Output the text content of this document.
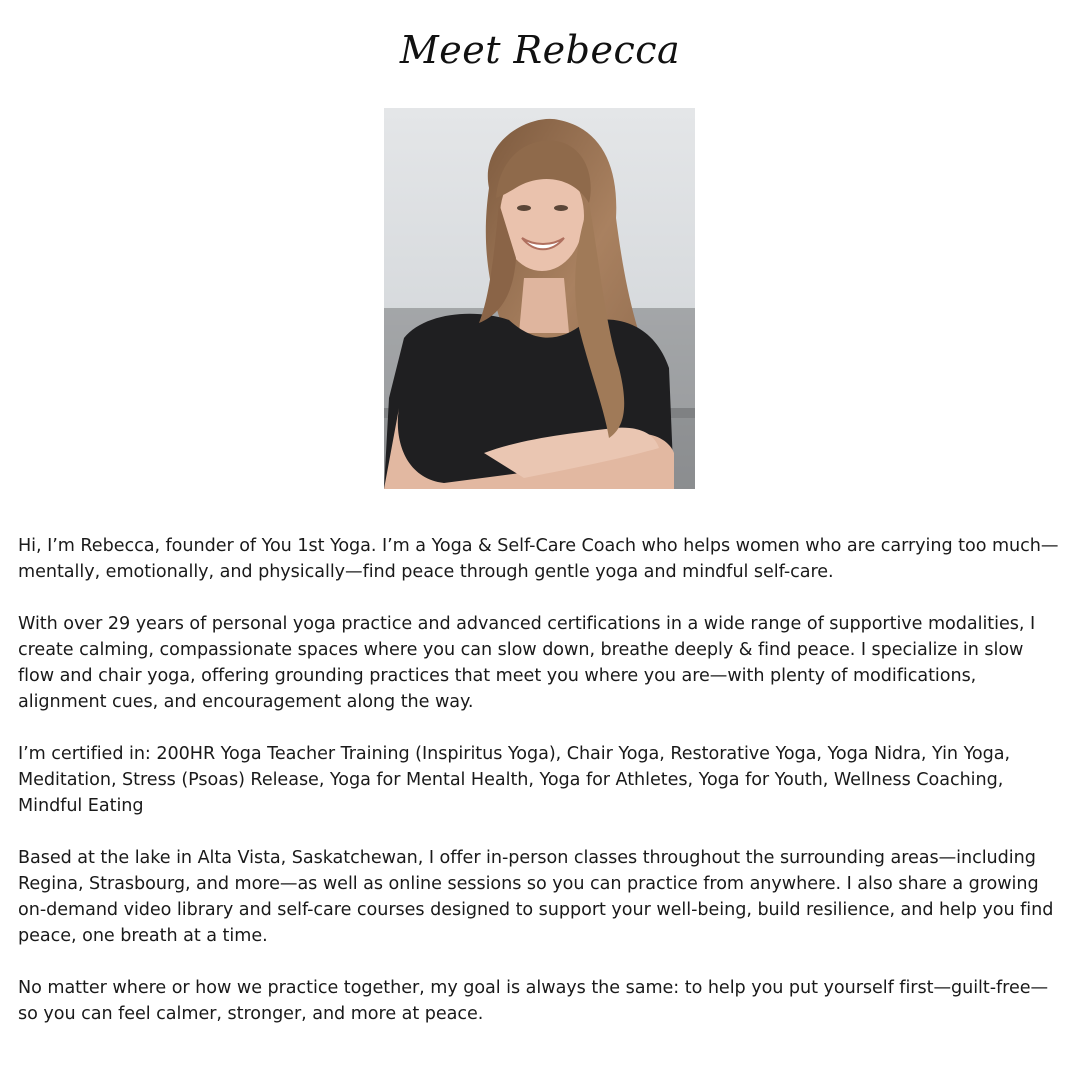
Meet Rebecca

Hi, I’m Rebecca, founder of You 1st Yoga. I’m a Yoga & Self-Care Coach who helps women who are carrying too much—mentally, emotionally, and physically—find peace through gentle yoga and mindful self-care.

With over 29 years of personal yoga practice and advanced certifications in a wide range of supportive modalities, I create calming, compassionate spaces where you can slow down, breathe deeply & find peace. I specialize in slow flow and chair yoga, offering grounding practices that meet you where you are—with plenty of modifications, alignment cues, and encouragement along the way.

I’m certified in: 200HR Yoga Teacher Training (Inspiritus Yoga), Chair Yoga, Restorative Yoga, Yoga Nidra, Yin Yoga, Meditation, Stress (Psoas) Release, Yoga for Mental Health, Yoga for Athletes, Yoga for Youth, Wellness Coaching, Mindful Eating

Based at the lake in Alta Vista, Saskatchewan, I offer in-person classes throughout the surrounding areas—including Regina, Strasbourg, and more—as well as online sessions so you can practice from anywhere. I also share a growing on-demand video library and self-care courses designed to support your well-being, build resilience, and help you find peace, one breath at a time.

No matter where or how we practice together, my goal is always the same: to help you put yourself first—guilt-free—so you can feel calmer, stronger, and more at peace.
